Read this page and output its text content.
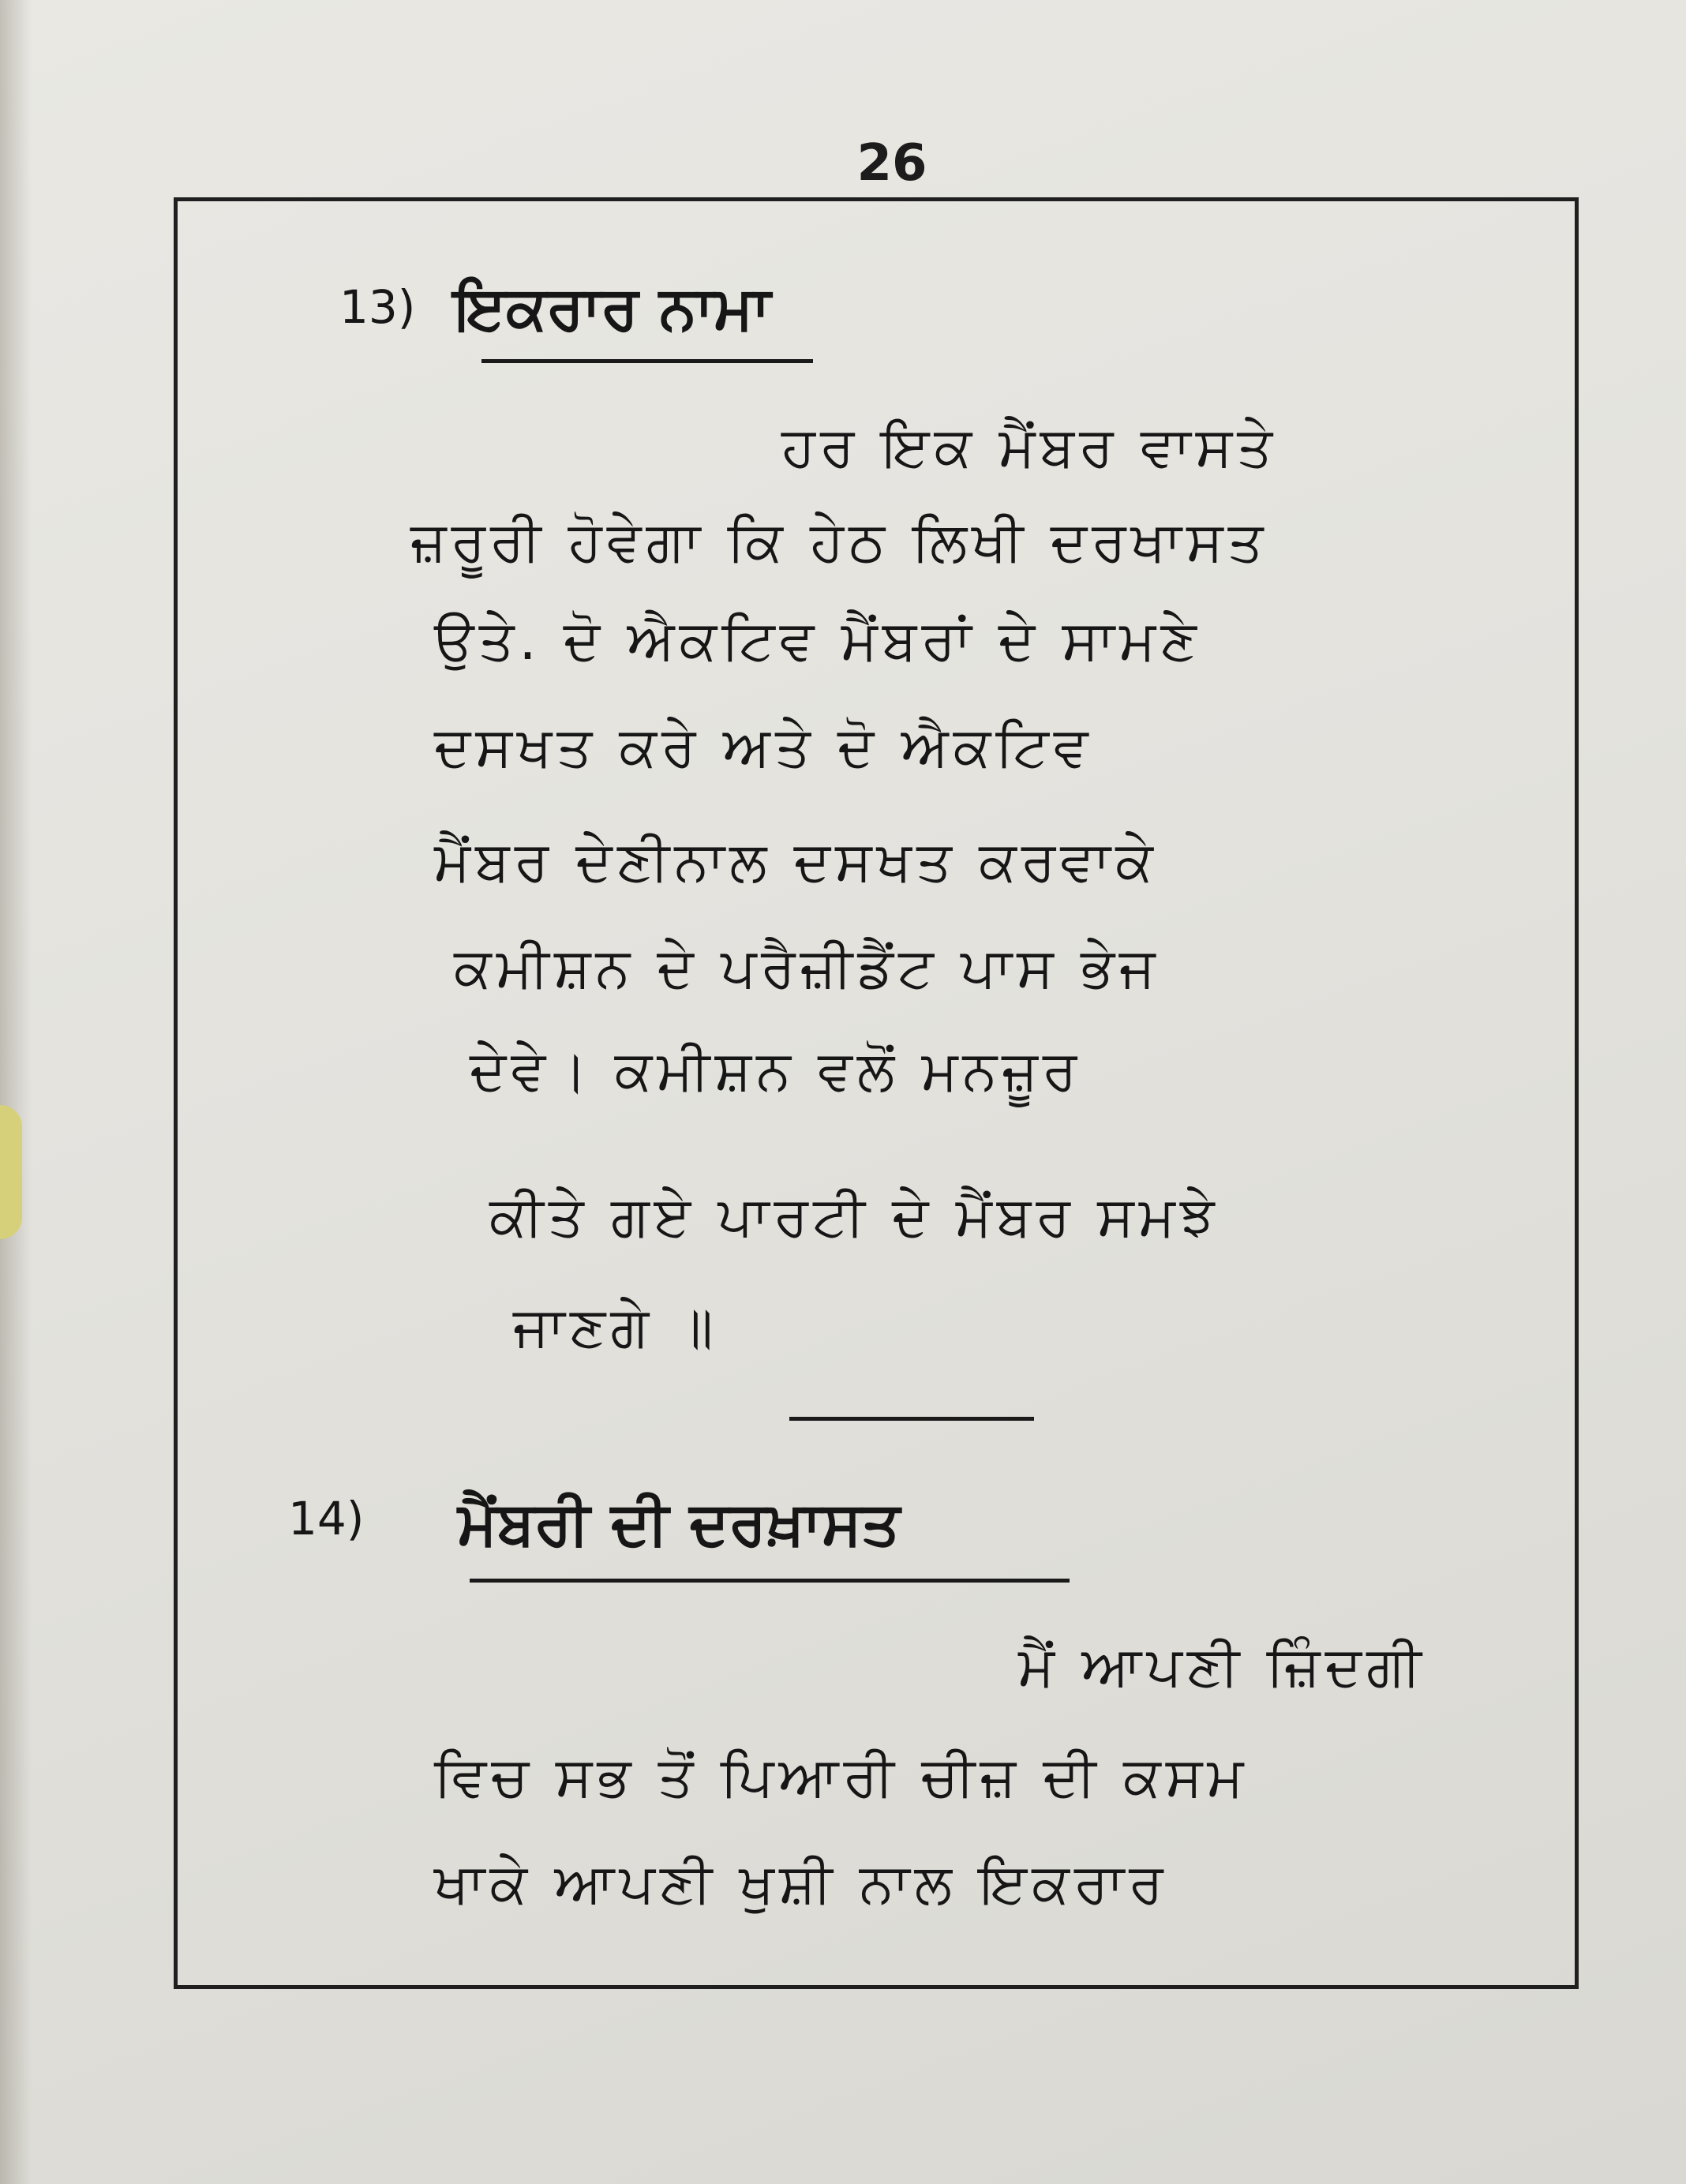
26
13) ਇਕਰਾਰ ਨਾਮਾ
ਹਰ ਇਕ ਮੈਂਬਰ ਵਾਸਤੇ
ਜ਼ਰੂਰੀ ਹੋਵੇਗਾ ਕਿ ਹੇਠ ਲਿਖੀ ਦਰਖਾਸਤ
ਉਤੇ. ਦੋ ਐਕਟਿਵ ਮੈਂਬਰਾਂ ਦੇ ਸਾਮਣੇ
ਦਸਖਤ ਕਰੇ ਅਤੇ ਦੋ ਐਕਟਿਵ
ਮੈਂਬਰ ਦੇਣੀਨਾਲ ਦਸਖਤ ਕਰਵਾਕੇ
ਕਮੀਸ਼ਨ ਦੇ ਪਰੈਜ਼ੀਡੈਂਟ ਪਾਸ ਭੇਜ
ਦੇਵੇ। ਕਮੀਸ਼ਨ ਵਲੋਂ ਮਨਜ਼ੂਰ
ਕੀਤੇ ਗਏ ਪਾਰਟੀ ਦੇ ਮੈਂਬਰ ਸਮਝੇ
ਜਾਣਗੇ ॥
14) ਮੈਂਬਰੀ ਦੀ ਦਰਖ਼ਾਸਤ
ਮੈਂ ਆਪਣੀ ਜ਼ਿੰਦਗੀ
ਵਿਚ ਸਭ ਤੋਂ ਪਿਆਰੀ ਚੀਜ਼ ਦੀ ਕਸਮ
ਖਾਕੇ ਆਪਣੀ ਖੁਸ਼ੀ ਨਾਲ ਇਕਰਾਰ
